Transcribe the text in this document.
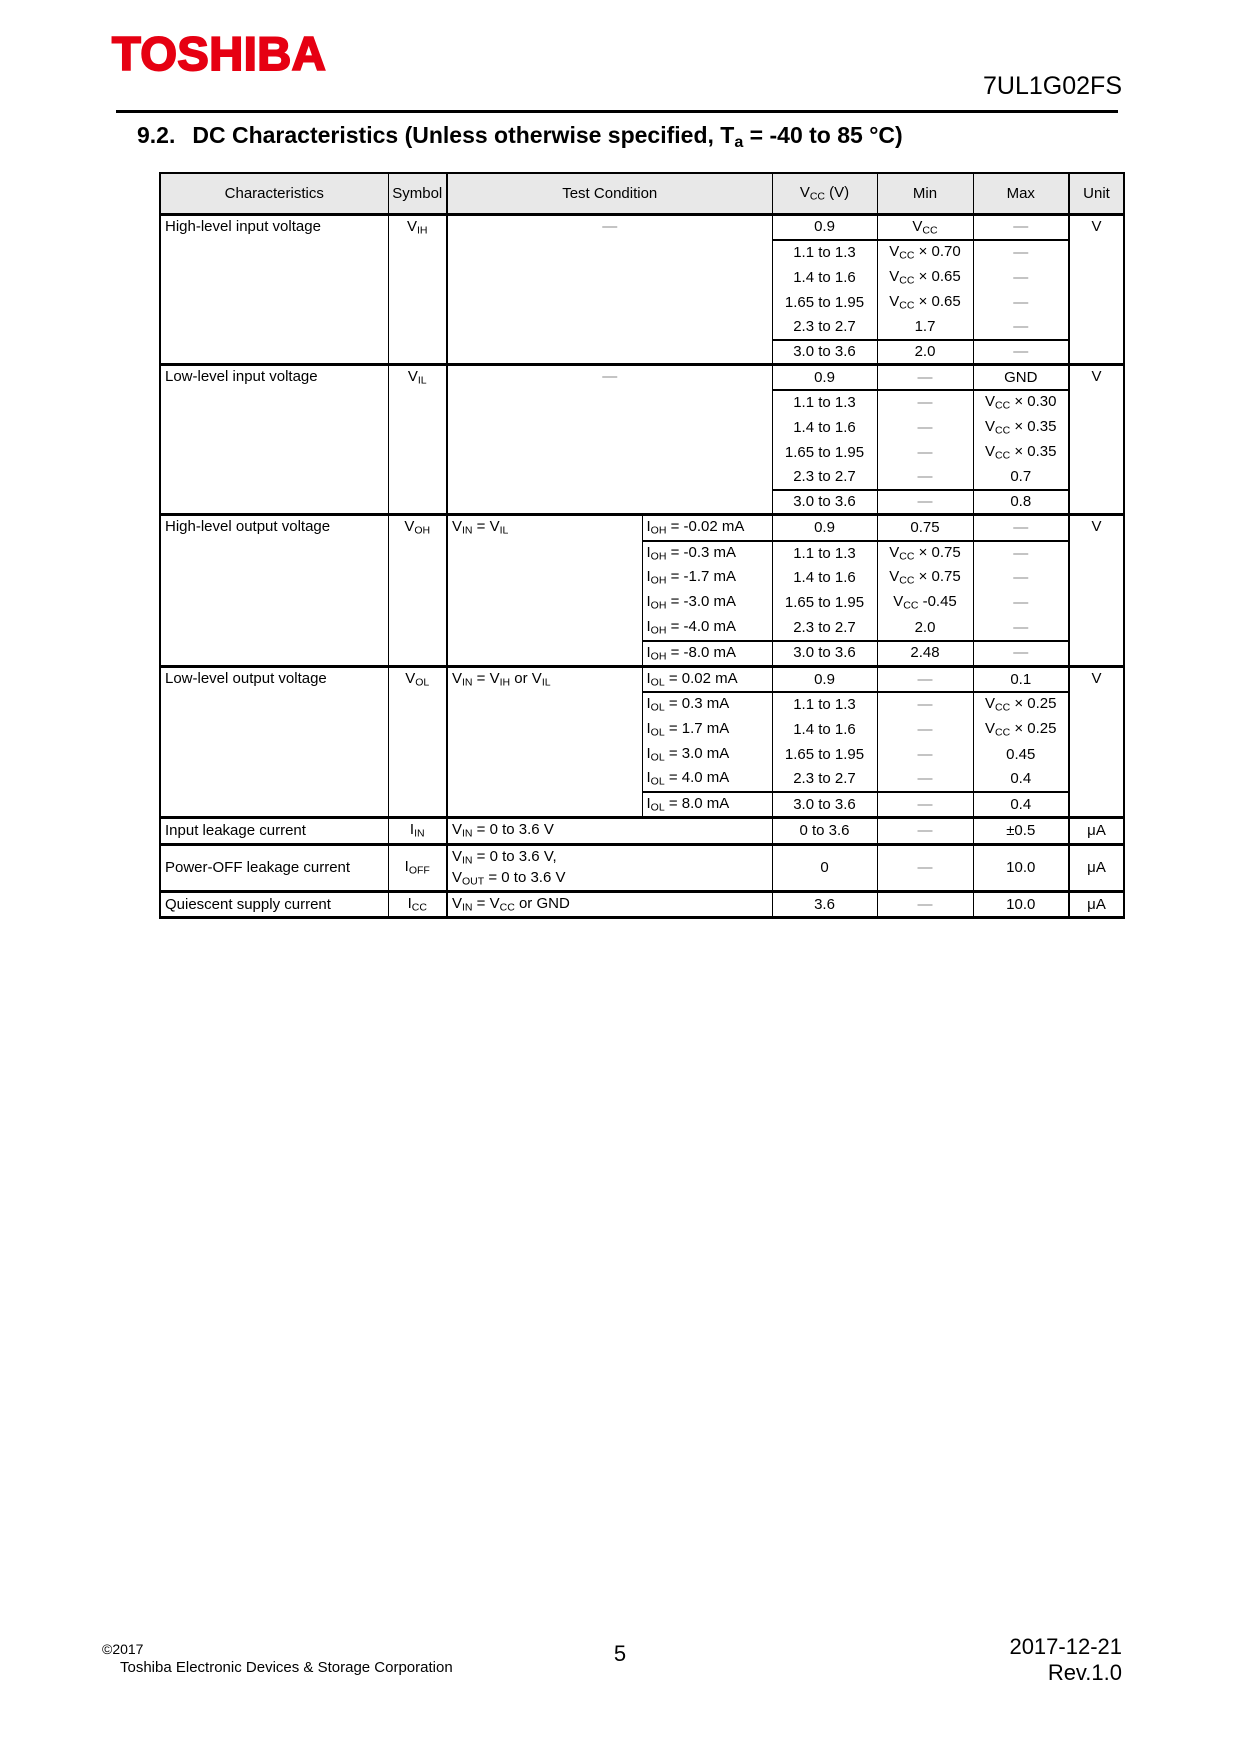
TOSHIBA
7UL1G02FS
9.2. DC Characteristics (Unless otherwise specified, $T_a = -40$ to 85 °C)
Characteristics	Symbol	Test Condition		$V_{CC}$ (V)	Min	Max	Unit
High-level input voltage	$V_{IH}$	—		0.9	$V_{CC}$	—	V
				1.1 to 1.3	$V_{CC} \times 0.70$	—	
				1.4 to 1.6	$V_{CC} \times 0.65$	—	
				1.65 to 1.95	$V_{CC} \times 0.65$	—	
				2.3 to 2.7	1.7	—	
				3.0 to 3.6	2.0	—	
Low-level input voltage	$V_{IL}$	—		0.9	—	GND	V
				1.1 to 1.3	—	$V_{CC} \times 0.30$	
				1.4 to 1.6	—	$V_{CC} \times 0.35$	
				1.65 to 1.95	—	$V_{CC} \times 0.35$	
				2.3 to 2.7	—	0.7	
				3.0 to 3.6	—	0.8	
High-level output voltage	$V_{OH}$	$V_{IN} = V_{IL}$	$I_{OH} = -0.02$ mA	0.9	0.75	—	V
			$I_{OH} = -0.3$ mA	1.1 to 1.3	$V_{CC} \times 0.75$	—	
			$I_{OH} = -1.7$ mA	1.4 to 1.6	$V_{CC} \times 0.75$	—	
			$I_{OH} = -3.0$ mA	1.65 to 1.95	$V_{CC}$ -0.45	—	
			$I_{OH} = -4.0$ mA	2.3 to 2.7	2.0	—	
			$I_{OH} = -8.0$ mA	3.0 to 3.6	2.48	—	
Low-level output voltage	$V_{OL}$	$V_{IN} = V_{IH}$ or $V_{IL}$	$I_{OL} = 0.02$ mA	0.9	—	0.1	V
			$I_{OL} = 0.3$ mA	1.1 to 1.3	—	$V_{CC} \times 0.25$	
			$I_{OL} = 1.7$ mA	1.4 to 1.6	—	$V_{CC} \times 0.25$	
			$I_{OL} = 3.0$ mA	1.65 to 1.95	—	0.45	
			$I_{OL} = 4.0$ mA	2.3 to 2.7	—	0.4	
			$I_{OL} = 8.0$ mA	3.0 to 3.6	—	0.4	
Input leakage current	$I_{IN}$	$V_{IN} = 0$ to 3.6 V		0 to 3.6	—	±0.5	μA
Power-OFF leakage current	$I_{OFF}$	$V_{IN} = 0$ to 3.6 V,
$V_{OUT} = 0$ to 3.6 V		0	—	10.0	μA
Quiescent supply current	$I_{CC}$	$V_{IN} = V_{CC}$ or GND		3.6	—	10.0	μA
©2017
Toshiba Electronic Devices & Storage Corporation
5	2017-12-21
Rev.1.0
